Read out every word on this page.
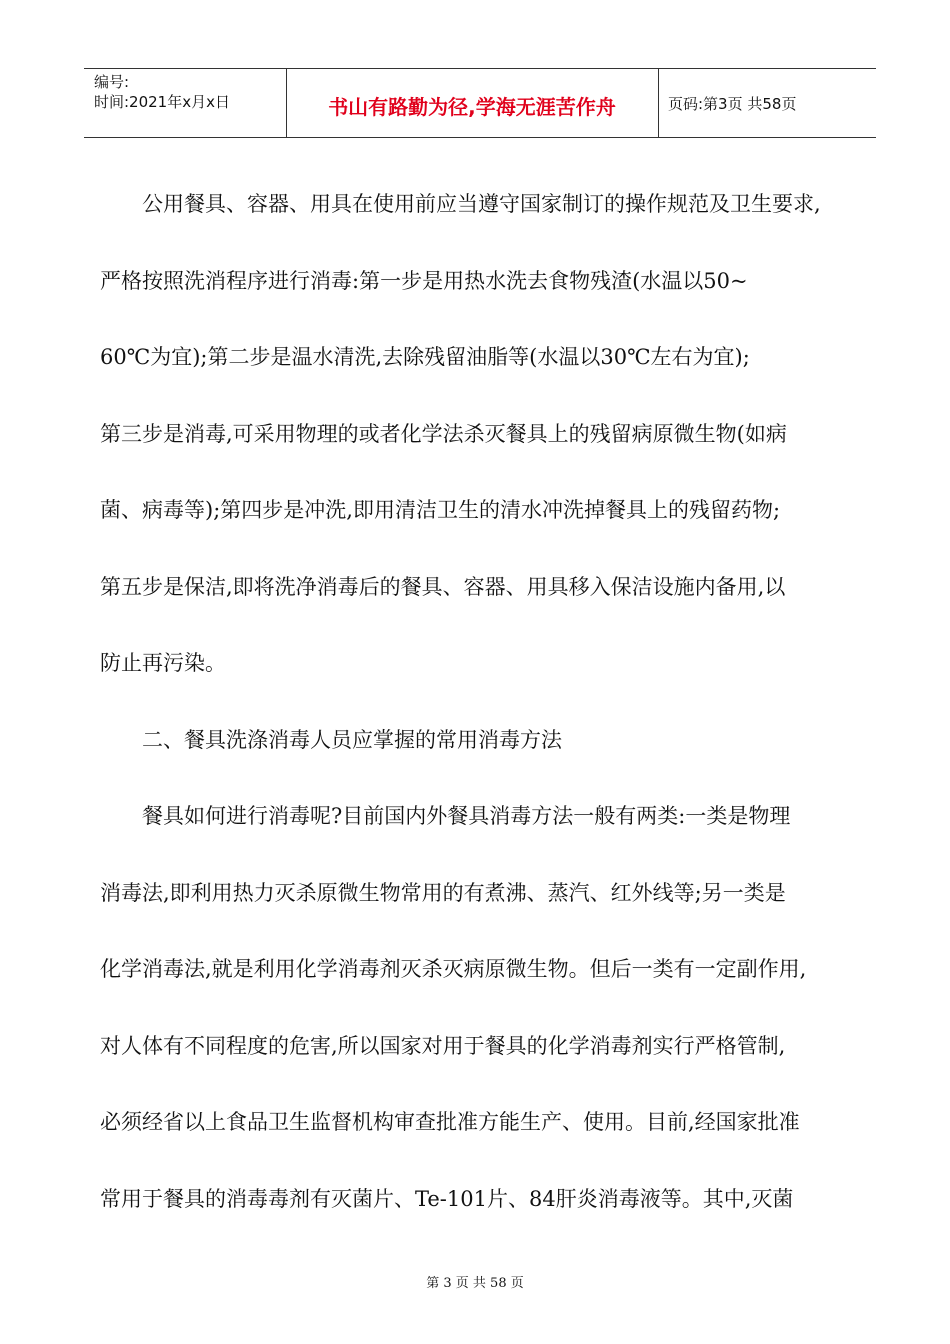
编号:
时间:2021年x月x日	书山有路勤为径,学海无涯苦作舟	页码:第3页 共58页

公用餐具、容器、用具在使用前应当遵守国家制订的操作规范及卫生要求,

严格按照洗消程序进行消毒:第一步是用热水洗去食物残渣(水温以50~

60℃为宜);第二步是温水清洗,去除残留油脂等(水温以30℃左右为宜);

第三步是消毒,可采用物理的或者化学法杀灭餐具上的残留病原微生物(如病

菌、病毒等);第四步是冲洗,即用清洁卫生的清水冲洗掉餐具上的残留药物;

第五步是保洁,即将洗净消毒后的餐具、容器、用具移入保洁设施内备用,以

防止再污染。

二、餐具洗涤消毒人员应掌握的常用消毒方法

餐具如何进行消毒呢?目前国内外餐具消毒方法一般有两类:一类是物理

消毒法,即利用热力灭杀原微生物常用的有煮沸、蒸汽、红外线等;另一类是

化学消毒法,就是利用化学消毒剂灭杀灭病原微生物。但后一类有一定副作用,

对人体有不同程度的危害,所以国家对用于餐具的化学消毒剂实行严格管制,

必须经省以上食品卫生监督机构审查批准方能生产、使用。目前,经国家批准

常用于餐具的消毒毒剂有灭菌片、Te-101片、84肝炎消毒液等。其中,灭菌

第 3 页 共 58 页
